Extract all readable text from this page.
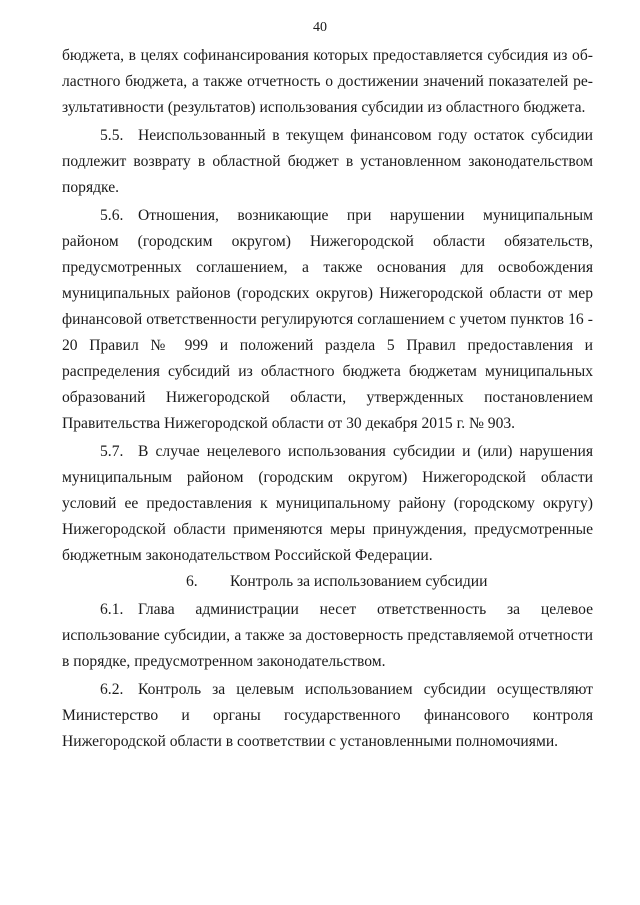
40

бюджета, в целях софинансирования которых предоставляется субсидия из областного бюджета, а также отчетность о достижении значений показателей результативности (результатов) использования субсидии из областного бюджета.

5.5. Неиспользованный в текущем финансовом году остаток субсидии подлежит возврату в областной бюджет в установленном законодательством порядке.

5.6. Отношения, возникающие при нарушении муниципальным районом (городским округом) Нижегородской области обязательств, предусмотренных соглашением, а также основания для освобождения муниципальных районов (городских округов) Нижегородской области от мер финансовой ответственности регулируются соглашением с учетом пунктов 16 - 20 Правил № 999 и положений раздела 5 Правил предоставления и распределения субсидий из областного бюджета бюджетам муниципальных образований Нижегородской области, утвержденных постановлением Правительства Нижегородской области от 30 декабря 2015 г. № 903.

5.7. В случае нецелевого использования субсидии и (или) нарушения муниципальным районом (городским округом) Нижегородской области условий ее предоставления к муниципальному району (городскому округу) Нижегородской области применяются меры принуждения, предусмотренные бюджетным законодательством Российской Федерации.

6. Контроль за использованием субсидии

6.1. Глава администрации несет ответственность за целевое использование субсидии, а также за достоверность представляемой отчетности в порядке, предусмотренном законодательством.

6.2. Контроль за целевым использованием субсидии осуществляют Министерство и органы государственного финансового контроля Нижегородской области в соответствии с установленными полномочиями.
